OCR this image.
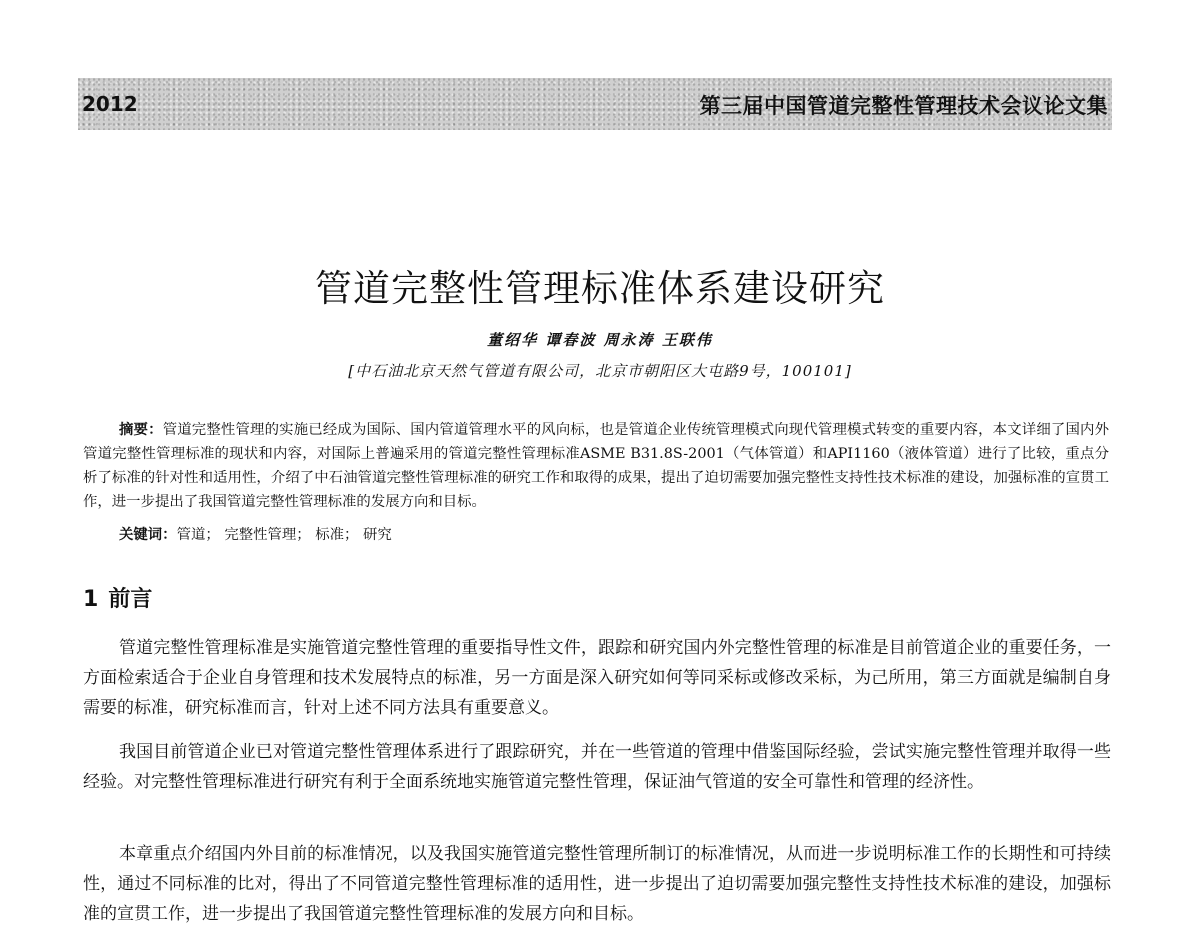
2012	第三届中国管道完整性管理技术会议论文集
管道完整性管理标准体系建设研究
董绍华 谭春波 周永涛 王联伟
[中石油北京天然气管道有限公司，北京市朝阳区大屯路9号，100101]
摘要：管道完整性管理的实施已经成为国际、国内管道管理水平的风向标，也是管道企业传统管理模式向现代管理模式转变的重要内容，本文详细了国内外管道完整性管理标准的现状和内容，对国际上普遍采用的管道完整性管理标准ASME B31.8S-2001（气体管道）和API1160（液体管道）进行了比较，重点分析了标准的针对性和适用性，介绍了中石油管道完整性管理标准的研究工作和取得的成果，提出了迫切需要加强完整性支持性技术标准的建设，加强标准的宣贯工作，进一步提出了我国管道完整性管理标准的发展方向和目标。
关键词：管道； 完整性管理； 标准； 研究
1 前言
管道完整性管理标准是实施管道完整性管理的重要指导性文件，跟踪和研究国内外完整性管理的标准是目前管道企业的重要任务，一方面检索适合于企业自身管理和技术发展特点的标准，另一方面是深入研究如何等同采标或修改采标，为己所用，第三方面就是编制自身需要的标准，研究标准而言，针对上述不同方法具有重要意义。
我国目前管道企业已对管道完整性管理体系进行了跟踪研究，并在一些管道的管理中借鉴国际经验，尝试实施完整性管理并取得一些经验。对完整性管理标准进行研究有利于全面系统地实施管道完整性管理，保证油气管道的安全可靠性和管理的经济性。
本章重点介绍国内外目前的标准情况，以及我国实施管道完整性管理所制订的标准情况，从而进一步说明标准工作的长期性和可持续性，通过不同标准的比对，得出了不同管道完整性管理标准的适用性，进一步提出了迫切需要加强完整性支持性技术标准的建设，加强标准的宣贯工作，进一步提出了我国管道完整性管理标准的发展方向和目标。
